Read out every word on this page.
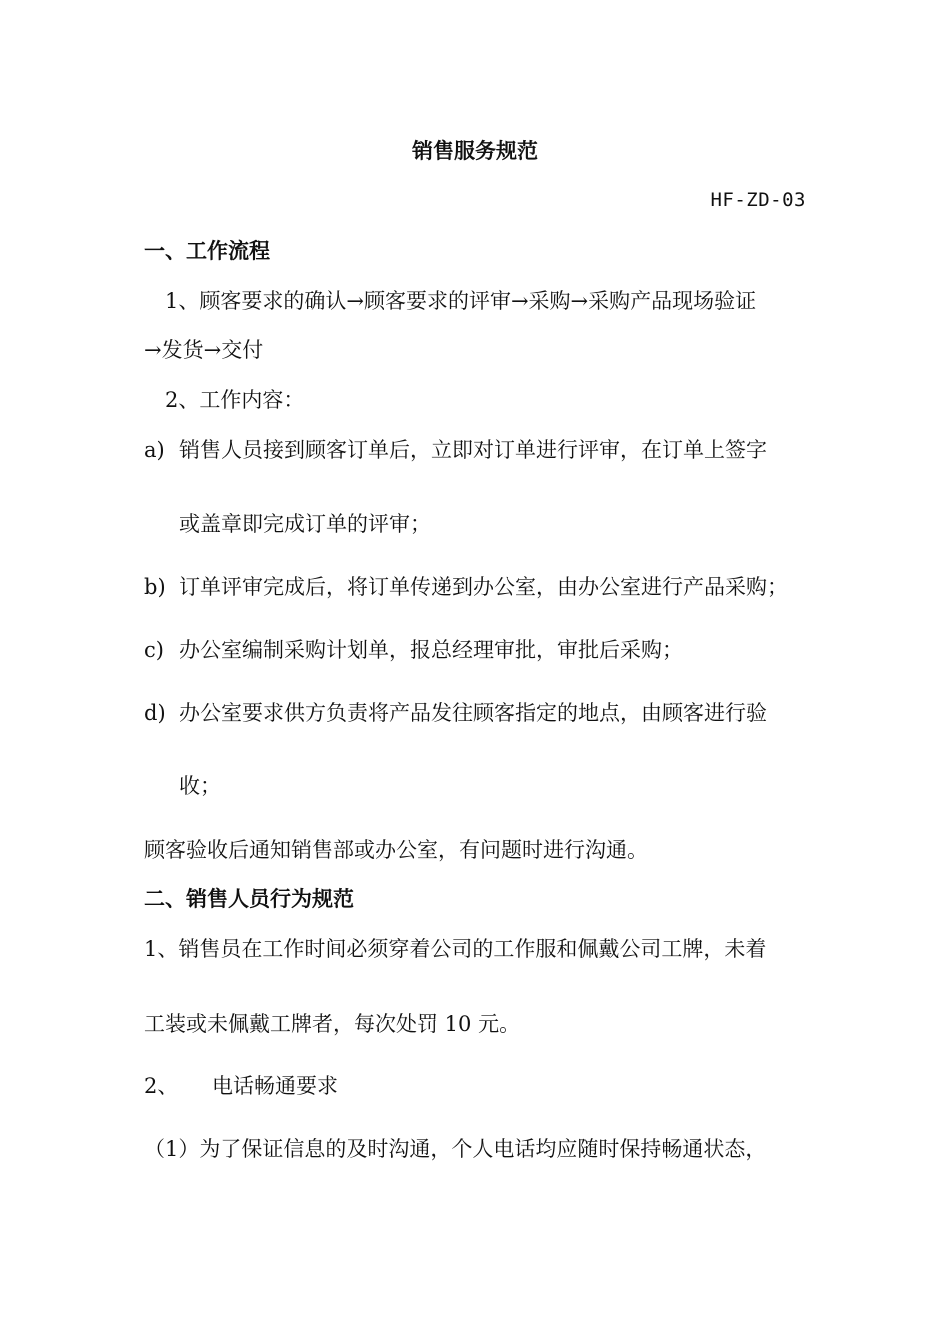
销售服务规范
HF-ZD-03
一、工作流程
1、顾客要求的确认→顾客要求的评审→采购→采购产品现场验证
→发货→交付
2、工作内容：
a) 销售人员接到顾客订单后，立即对订单进行评审，在订单上签字
或盖章即完成订单的评审；
b) 订单评审完成后，将订单传递到办公室，由办公室进行产品采购；
c) 办公室编制采购计划单，报总经理审批，审批后采购；
d) 办公室要求供方负责将产品发往顾客指定的地点，由顾客进行验
收；
顾客验收后通知销售部或办公室，有问题时进行沟通。
二、销售人员行为规范
1、销售员在工作时间必须穿着公司的工作服和佩戴公司工牌，未着
工装或未佩戴工牌者，每次处罚 10 元。
2、 电话畅通要求
（1）为了保证信息的及时沟通，个人电话均应随时保持畅通状态，
